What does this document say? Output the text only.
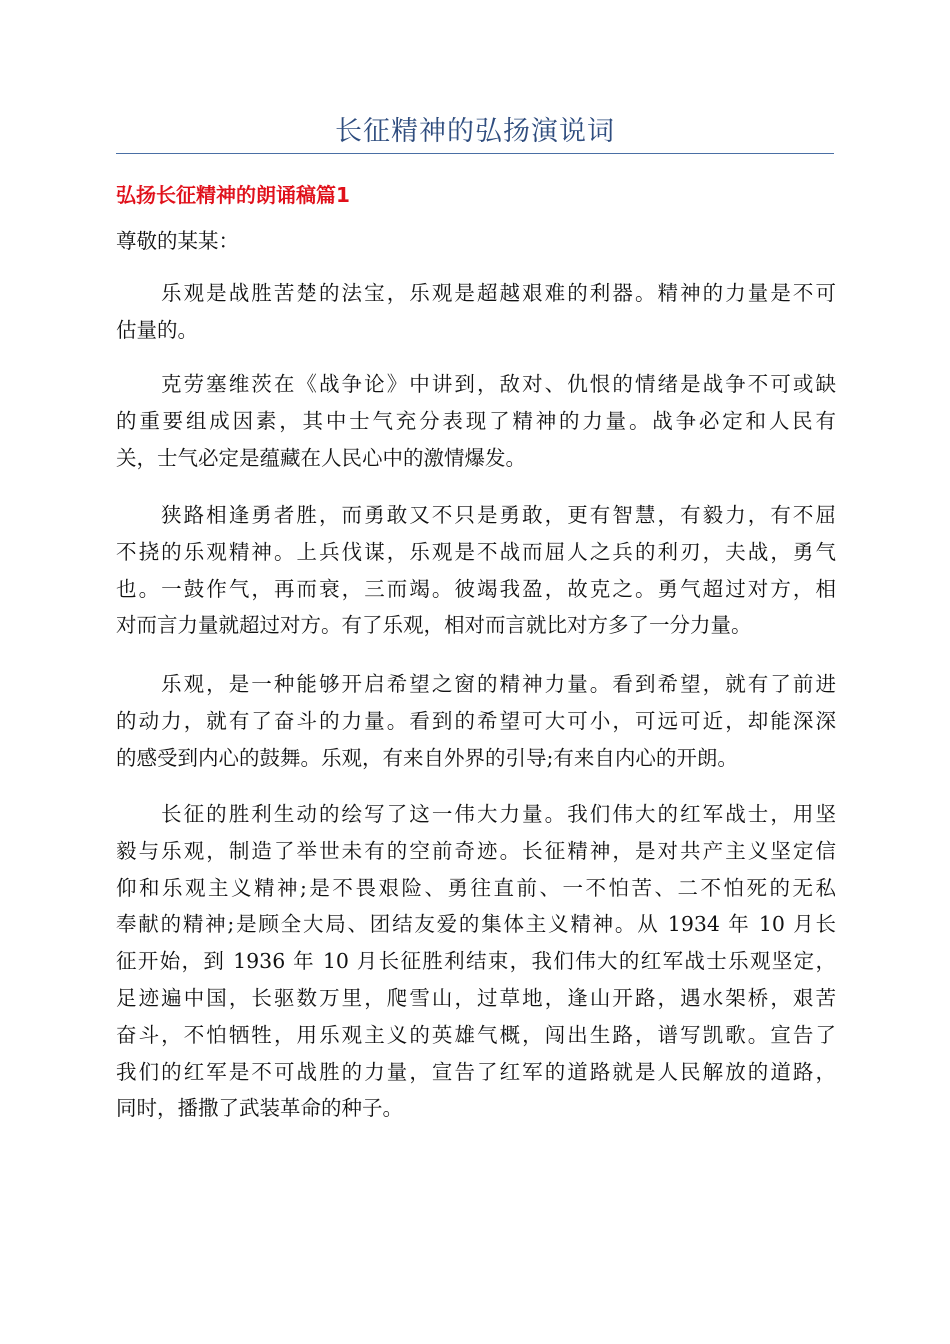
长征精神的弘扬演说词
弘扬长征精神的朗诵稿篇1
尊敬的某某：
乐观是战胜苦楚的法宝，乐观是超越艰难的利器。精神的力量是不可
估量的。
克劳塞维茨在《战争论》中讲到，敌对、仇恨的情绪是战争不可或缺
的重要组成因素，其中士气充分表现了精神的力量。战争必定和人民有
关，士气必定是蕴藏在人民心中的激情爆发。
狭路相逢勇者胜，而勇敢又不只是勇敢，更有智慧，有毅力，有不屈
不挠的乐观精神。上兵伐谋，乐观是不战而屈人之兵的利刃，夫战，勇气
也。一鼓作气，再而衰，三而竭。彼竭我盈，故克之。勇气超过对方，相
对而言力量就超过对方。有了乐观，相对而言就比对方多了一分力量。
乐观，是一种能够开启希望之窗的精神力量。看到希望，就有了前进
的动力，就有了奋斗的力量。看到的希望可大可小，可远可近，却能深深
的感受到内心的鼓舞。乐观，有来自外界的引导;有来自内心的开朗。
长征的胜利生动的绘写了这一伟大力量。我们伟大的红军战士，用坚
毅与乐观，制造了举世未有的空前奇迹。长征精神，是对共产主义坚定信
仰和乐观主义精神;是不畏艰险、勇往直前、一不怕苦、二不怕死的无私
奉献的精神;是顾全大局、团结友爱的集体主义精神。从 1934 年 10 月长
征开始，到 1936 年 10 月长征胜利结束，我们伟大的红军战士乐观坚定，
足迹遍中国，长驱数万里，爬雪山，过草地，逢山开路，遇水架桥，艰苦
奋斗，不怕牺牲，用乐观主义的英雄气概，闯出生路，谱写凯歌。宣告了
我们的红军是不可战胜的力量，宣告了红军的道路就是人民解放的道路，
同时，播撒了武装革命的种子。
